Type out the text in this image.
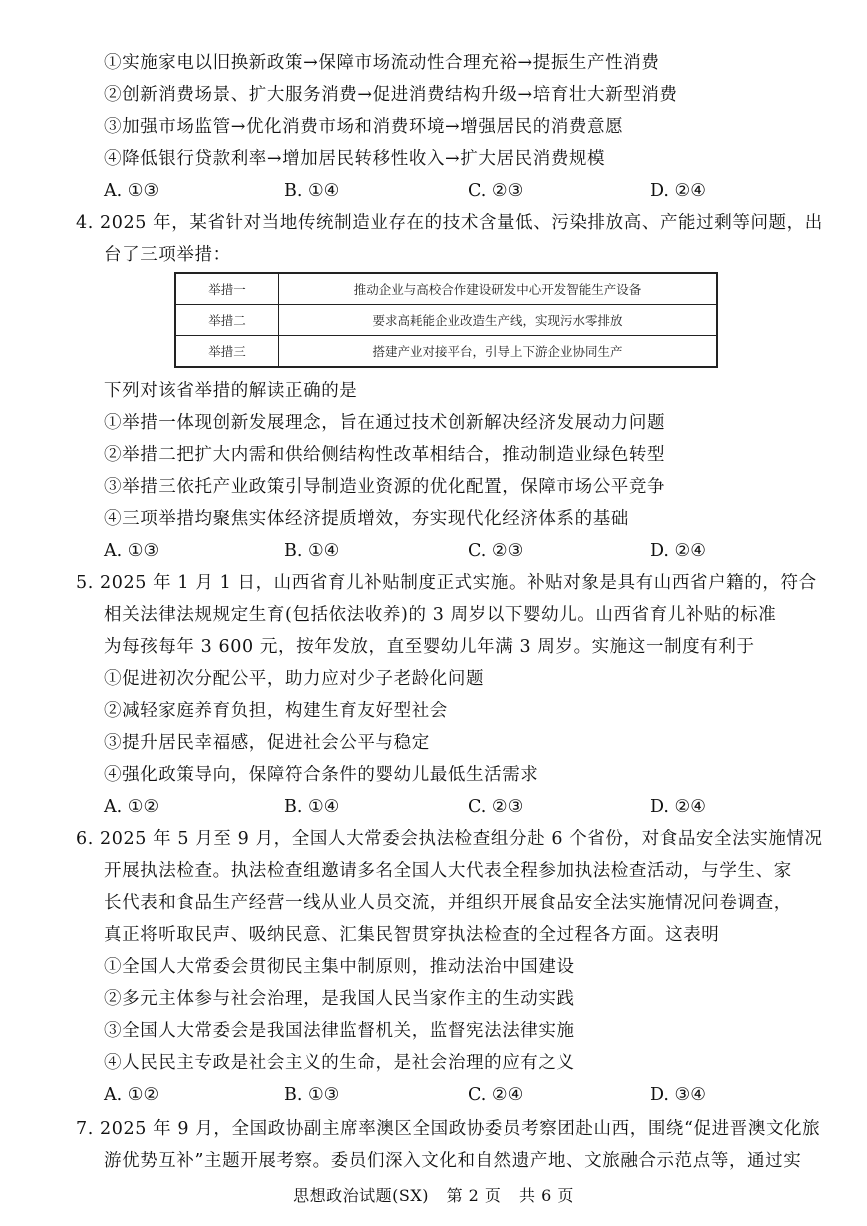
①实施家电以旧换新政策→保障市场流动性合理充裕→提振生产性消费
②创新消费场景、扩大服务消费→促进消费结构升级→培育壮大新型消费
③加强市场监管→优化消费市场和消费环境→增强居民的消费意愿
④降低银行贷款利率→增加居民转移性收入→扩大居民消费规模
A. ①③	B. ①④	C. ②③	D. ②④
4. 2025 年，某省针对当地传统制造业存在的技术含量低、污染排放高、产能过剩等问题，出
台了三项举措：
举措一	推动企业与高校合作建设研发中心开发智能生产设备
举措二	要求高耗能企业改造生产线，实现污水零排放
举措三	搭建产业对接平台，引导上下游企业协同生产
下列对该省举措的解读正确的是
①举措一体现创新发展理念，旨在通过技术创新解决经济发展动力问题
②举措二把扩大内需和供给侧结构性改革相结合，推动制造业绿色转型
③举措三依托产业政策引导制造业资源的优化配置，保障市场公平竞争
④三项举措均聚焦实体经济提质增效，夯实现代化经济体系的基础
A. ①③	B. ①④	C. ②③	D. ②④
5. 2025 年 1 月 1 日，山西省育儿补贴制度正式实施。补贴对象是具有山西省户籍的，符合
相关法律法规规定生育(包括依法收养)的 3 周岁以下婴幼儿。山西省育儿补贴的标准
为每孩每年 3 600 元，按年发放，直至婴幼儿年满 3 周岁。实施这一制度有利于
①促进初次分配公平，助力应对少子老龄化问题
②减轻家庭养育负担，构建生育友好型社会
③提升居民幸福感，促进社会公平与稳定
④强化政策导向，保障符合条件的婴幼儿最低生活需求
A. ①②	B. ①④	C. ②③	D. ②④
6. 2025 年 5 月至 9 月，全国人大常委会执法检查组分赴 6 个省份，对食品安全法实施情况
开展执法检查。执法检查组邀请多名全国人大代表全程参加执法检查活动，与学生、家
长代表和食品生产经营一线从业人员交流，并组织开展食品安全法实施情况问卷调查，
真正将听取民声、吸纳民意、汇集民智贯穿执法检查的全过程各方面。这表明
①全国人大常委会贯彻民主集中制原则，推动法治中国建设
②多元主体参与社会治理，是我国人民当家作主的生动实践
③全国人大常委会是我国法律监督机关，监督宪法法律实施
④人民民主专政是社会主义的生命，是社会治理的应有之义
A. ①②	B. ①③	C. ②④	D. ③④
7. 2025 年 9 月，全国政协副主席率澳区全国政协委员考察团赴山西，围绕“促进晋澳文化旅
游优势互补”主题开展考察。委员们深入文化和自然遗产地、文旅融合示范点等，通过实
思想政治试题(SX) 第 2 页 共 6 页
